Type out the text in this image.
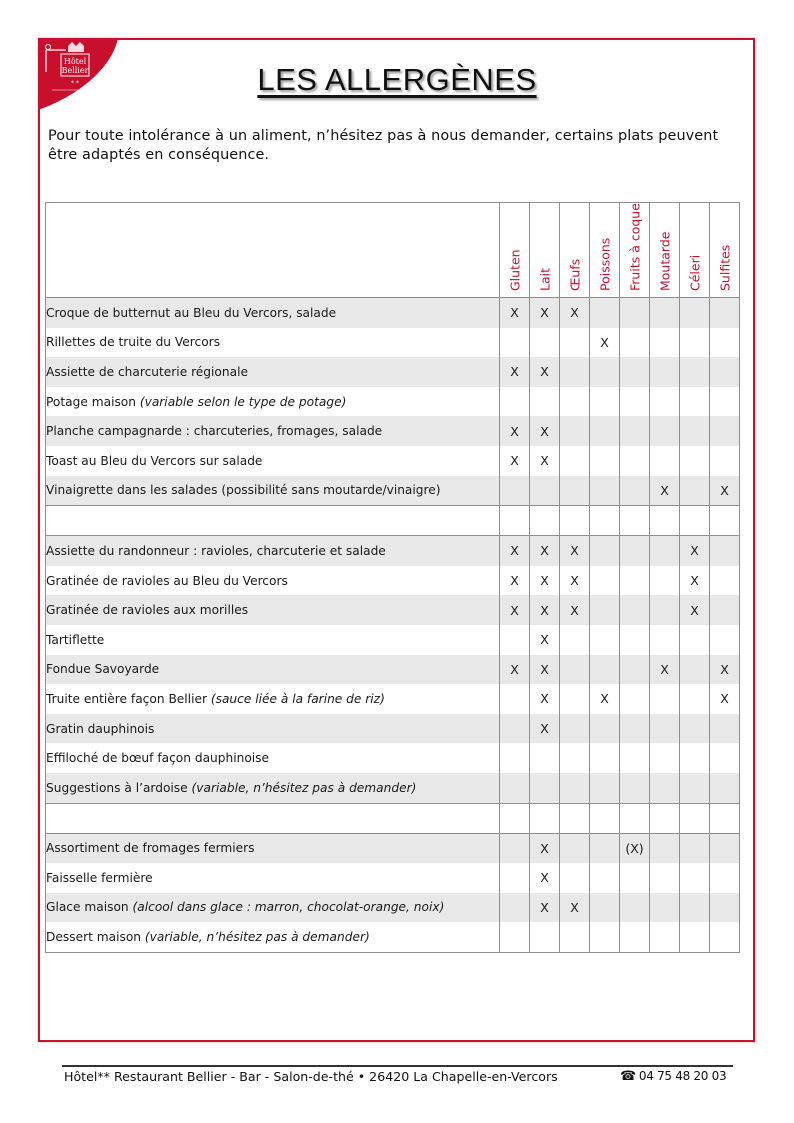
Hôtel
Bellier
★ ★	LES ALLERGÈNES
Pour toute intolérance à un aliment, n’hésitez pas à nous demander, certains plats peuvent être adaptés en conséquence.

	Gluten	Lait	Œufs	Poissons	Fruits à coque	Moutarde	Céleri	Sulfites

Croque de butternut au Bleu du Vercors, salade	X	X	X					
Rillettes de truite du Vercors				X				
Assiette de charcuterie régionale	X	X						
Potage maison (variable selon le type de potage)								
Planche campagnarde : charcuteries, fromages, salade	X	X						
Toast au Bleu du Vercors sur salade	X	X						
Vinaigrette dans les salades (possibilité sans moutarde/vinaigre)						X		X

Assiette du randonneur : ravioles, charcuterie et salade	X	X	X				X	
Gratinée de ravioles au Bleu du Vercors	X	X	X				X	
Gratinée de ravioles aux morilles	X	X	X				X	
Tartiflette		X						
Fondue Savoyarde	X	X				X		X
Truite entière façon Bellier (sauce liée à la farine de riz)		X		X				X
Gratin dauphinois		X						
Effiloché de bœuf façon dauphinoise								
Suggestions à l’ardoise (variable, n’hésitez pas à demander)								

Assortiment de fromages fermiers		X			(X)			
Faisselle fermière		X						
Glace maison (alcool dans glace : marron, chocolat-orange, noix)		X	X					
Dessert maison (variable, n’hésitez pas à demander)								
Hôtel** Restaurant Bellier - Bar - Salon-de-thé • 26420 La Chapelle-en-Vercors	☎ 04 75 48 20 03
